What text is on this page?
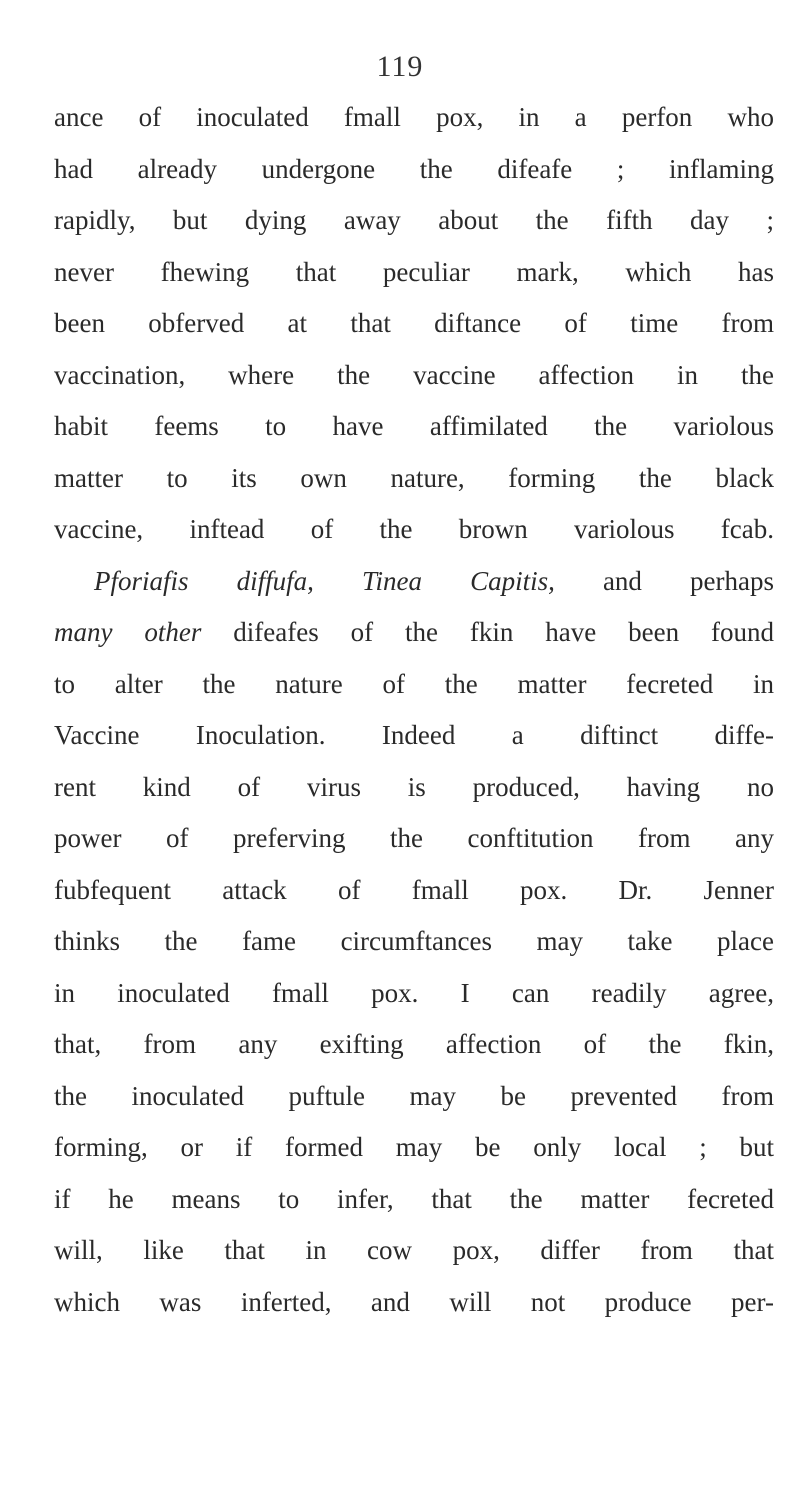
119
ance of inoculated fmall pox, in a perfon who
had already undergone the difeafe ; inflaming
rapidly, but dying away about the fifth day ;
never fhewing that peculiar mark, which has
been obferved at that diftance of time from
vaccination, where the vaccine affection in the
habit feems to have affimilated the variolous
matter to its own nature, forming the black
vaccine, inftead of the brown variolous fcab.
Pforiafis diffufa, Tinea Capitis, and perhaps
many other difeafes of the fkin have been found
to alter the nature of the matter fecreted in
Vaccine Inoculation. Indeed a diftinct diffe-
rent kind of virus is produced, having no
power of preferving the conftitution from any
fubfequent attack of fmall pox. Dr. Jenner
thinks the fame circumftances may take place
in inoculated fmall pox. I can readily agree,
that, from any exifting affection of the fkin,
the inoculated puftule may be prevented from
forming, or if formed may be only local ; but
if he means to infer, that the matter fecreted
will, like that in cow pox, differ from that
which was inferted, and will not produce per-
